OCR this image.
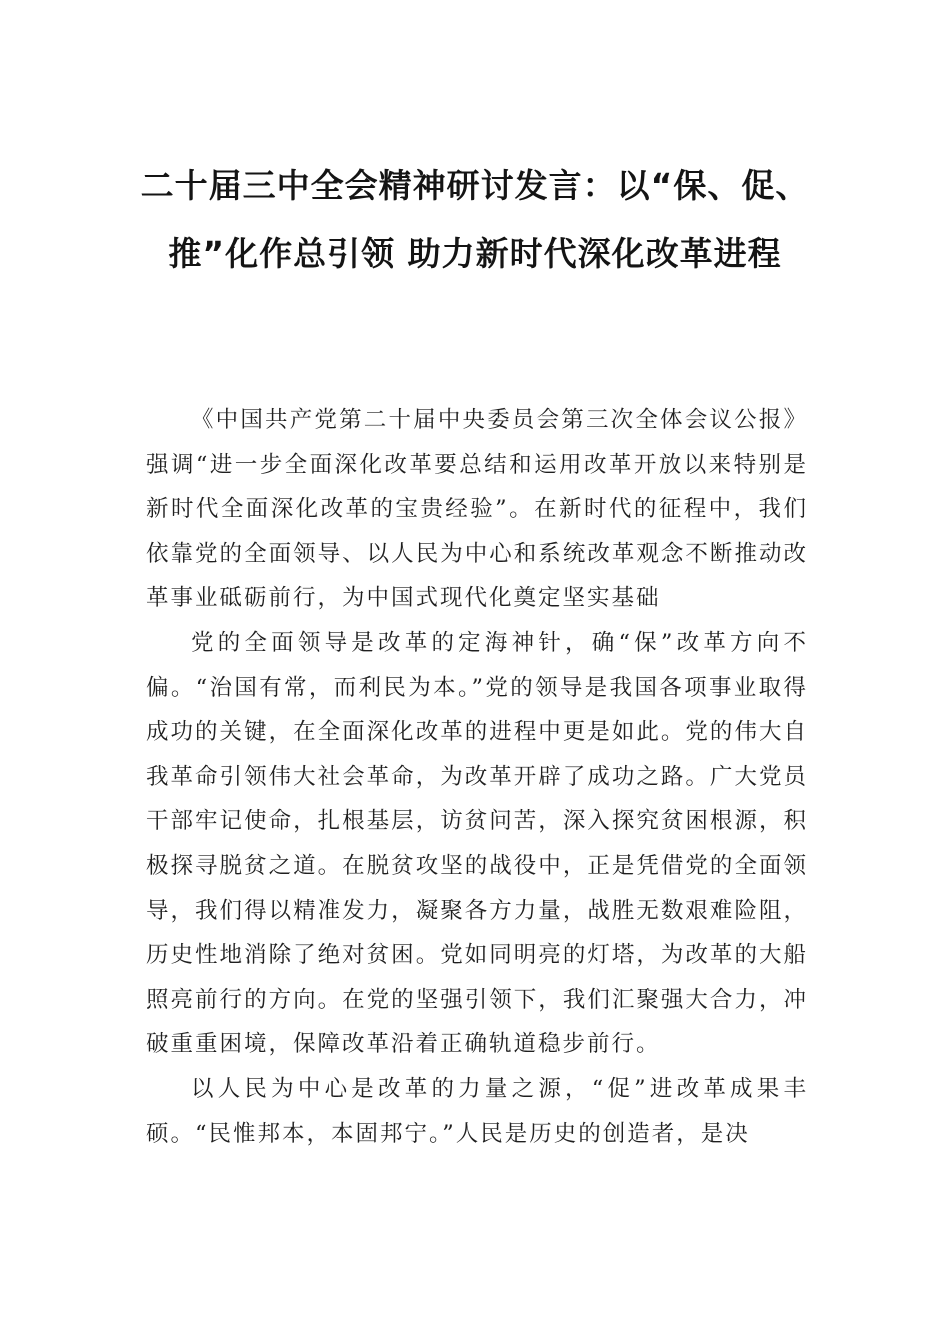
二十届三中全会精神研讨发言：以“保、促、推”化作总引领 助力新时代深化改革进程

《中国共产党第二十届中央委员会第三次全体会议公报》强调“进一步全面深化改革要总结和运用改革开放以来特别是新时代全面深化改革的宝贵经验”。在新时代的征程中，我们依靠党的全面领导、以人民为中心和系统改革观念不断推动改革事业砥砺前行，为中国式现代化奠定坚实基础

党的全面领导是改革的定海神针，确“保”改革方向不偏。“治国有常，而利民为本。”党的领导是我国各项事业取得成功的关键，在全面深化改革的进程中更是如此。党的伟大自我革命引领伟大社会革命，为改革开辟了成功之路。广大党员干部牢记使命，扎根基层，访贫问苦，深入探究贫困根源，积极探寻脱贫之道。在脱贫攻坚的战役中，正是凭借党的全面领导，我们得以精准发力，凝聚各方力量，战胜无数艰难险阻，历史性地消除了绝对贫困。党如同明亮的灯塔，为改革的大船照亮前行的方向。在党的坚强引领下，我们汇聚强大合力，冲破重重困境，保障改革沿着正确轨道稳步前行。

以人民为中心是改革的力量之源，“促”进改革成果丰硕。“民惟邦本，本固邦宁。”人民是历史的创造者，是决
